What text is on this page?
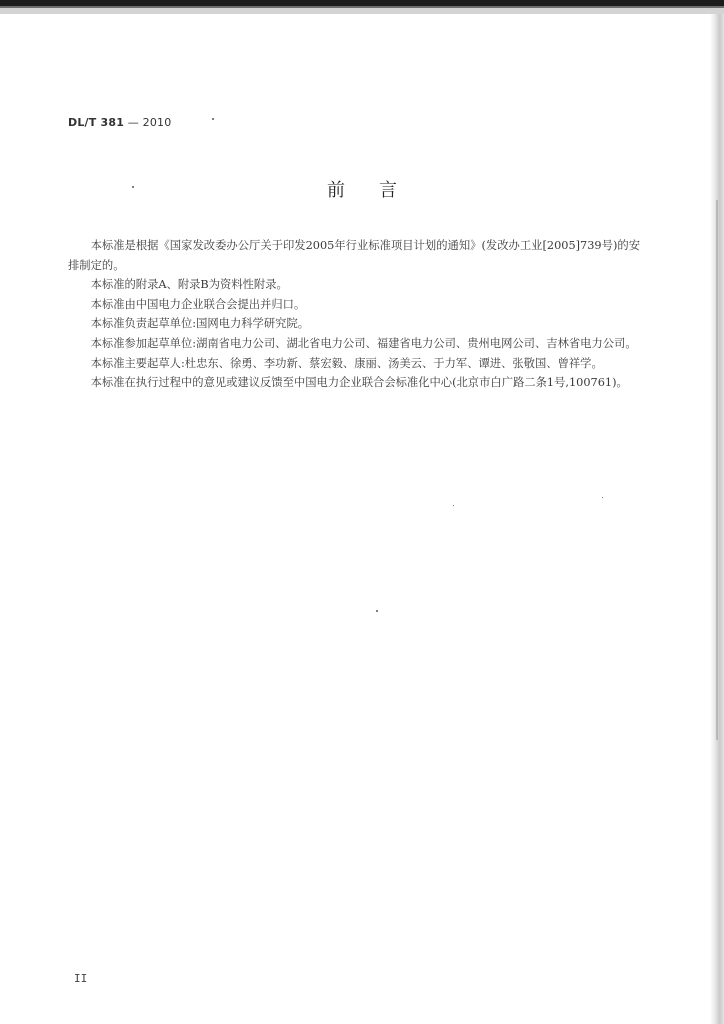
DL/T 381 — 2010
前言

本标准是根据《国家发改委办公厅关于印发2005年行业标准项目计划的通知》(发改办工业[2005]739号)的安排制定的。

本标准的附录A、附录B为资料性附录。

本标准由中国电力企业联合会提出并归口。

本标准负责起草单位:国网电力科学研究院。

本标准参加起草单位:湖南省电力公司、湖北省电力公司、福建省电力公司、贵州电网公司、吉林省电力公司。

本标准主要起草人:杜忠东、徐勇、李功新、蔡宏毅、康丽、汤美云、于力军、谭进、张敬国、曾祥学。

本标准在执行过程中的意见或建议反馈至中国电力企业联合会标准化中心(北京市白广路二条1号,100761)。

II
